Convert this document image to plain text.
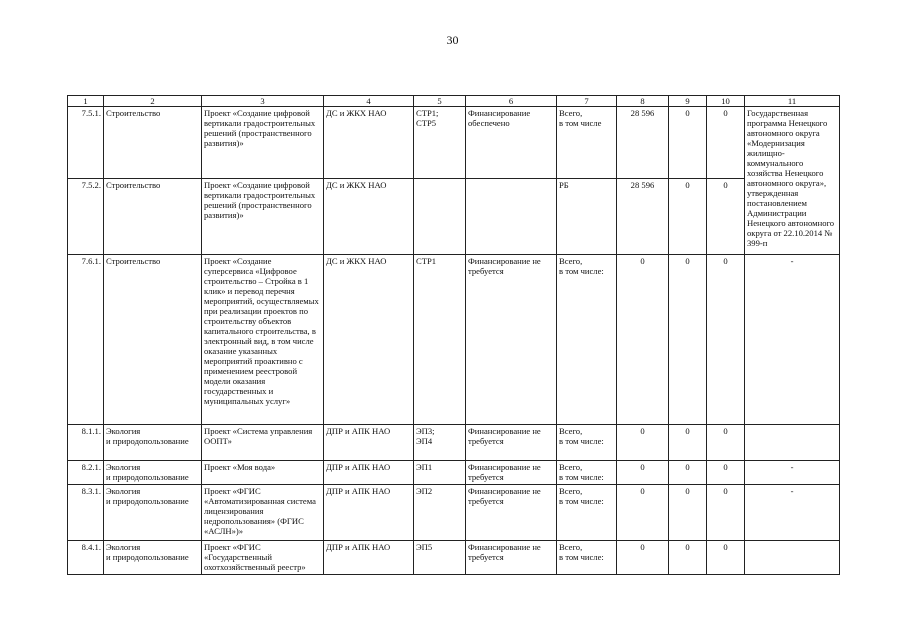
30
1	2	3	4	5	6	7	8	9	10	11
7.5.1.	Строительство	Проект «Создание цифровой вертикали градостроительных решений (пространственного развития)»	ДС и ЖКХ НАО	СТР1;
СТР5	Финансирование обеспечено	Всего,
в том числе	28 596	0	0	Государственная программа Ненецкого автономного округа «Модернизация жилищно-коммунального хозяйства Ненецкого автономного округа», утвержденная постановлением Администрации Ненецкого автономного округа от 22.10.2014 № 399-п
7.5.2.	Строительство	Проект «Создание цифровой вертикали градостроительных решений (пространственного развития)»	ДС и ЖКХ НАО			РБ	28 596	0	0	
7.6.1.	Строительство	Проект «Создание суперсервиса «Цифровое строительство – Стройка в 1 клик» и перевод перечня мероприятий, осуществляемых при реализации проектов по строительству объектов капитального строительства, в электронный вид, в том числе оказание указанных мероприятий проактивно с применением реестровой модели оказания государственных и муниципальных услуг»	ДС и ЖКХ НАО	СТР1	Финансирование не требуется	Всего,
в том числе:	0	0	0	-
8.1.1.	Экология
и природопользование	Проект «Система управления ООПТ»	ДПР и АПК НАО	ЭП3;
ЭП4	Финансирование не требуется	Всего,
в том числе:	0	0	0	
8.2.1.	Экология
и природопользование	Проект «Моя вода»	ДПР и АПК НАО	ЭП1	Финансирование не требуется	Всего,
в том числе:	0	0	0	-
8.3.1.	Экология
и природопользование	Проект «ФГИС «Автоматизированная система лицензирования недропользования» (ФГИС «АСЛН»)»	ДПР и АПК НАО	ЭП2	Финансирование не требуется	Всего,
в том числе:	0	0	0	-
8.4.1.	Экология
и природопользование	Проект «ФГИС «Государственный охотхозяйственный реестр»	ДПР и АПК НАО	ЭП5	Финансирование не требуется	Всего,
в том числе:	0	0	0	
